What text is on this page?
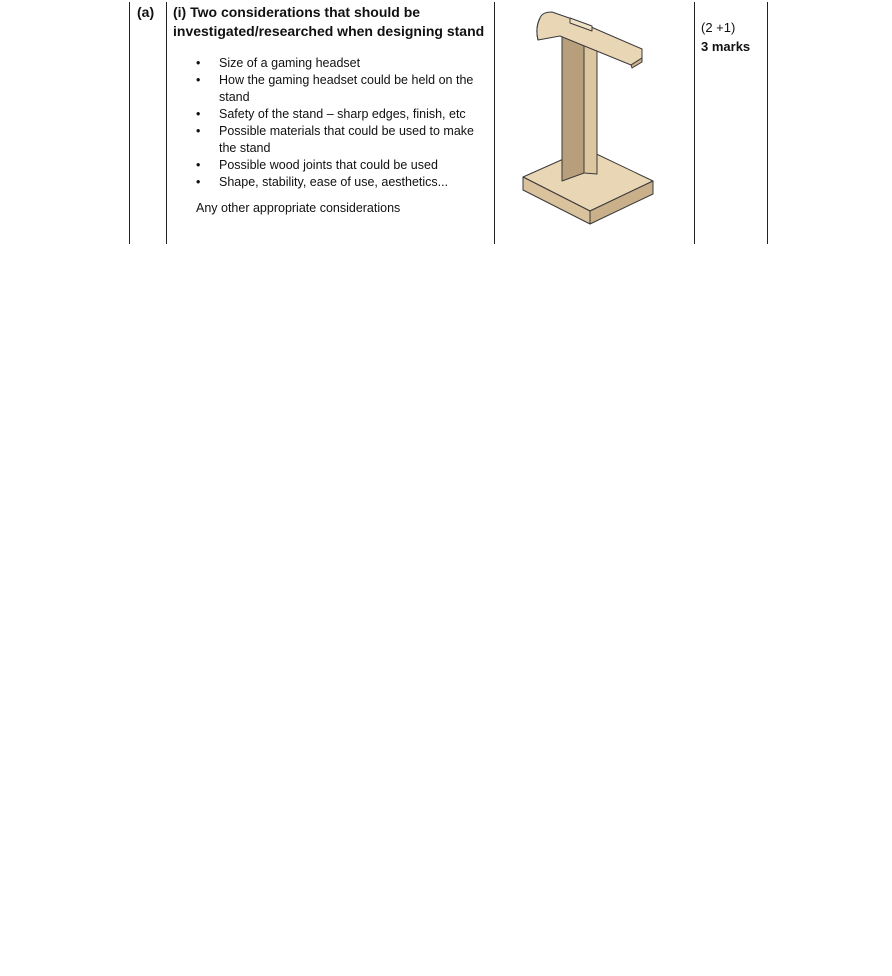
(a) (i) Two considerations that should be investigated/researched when designing stand
• Size of a gaming headset
• How the gaming headset could be held on the stand
• Safety of the stand – sharp edges, finish, etc
• Possible materials that could be used to make the stand
• Possible wood joints that could be used
• Shape, stability, ease of use, aesthetics...
Any other appropriate considerations
(2 +1)
3 marks
